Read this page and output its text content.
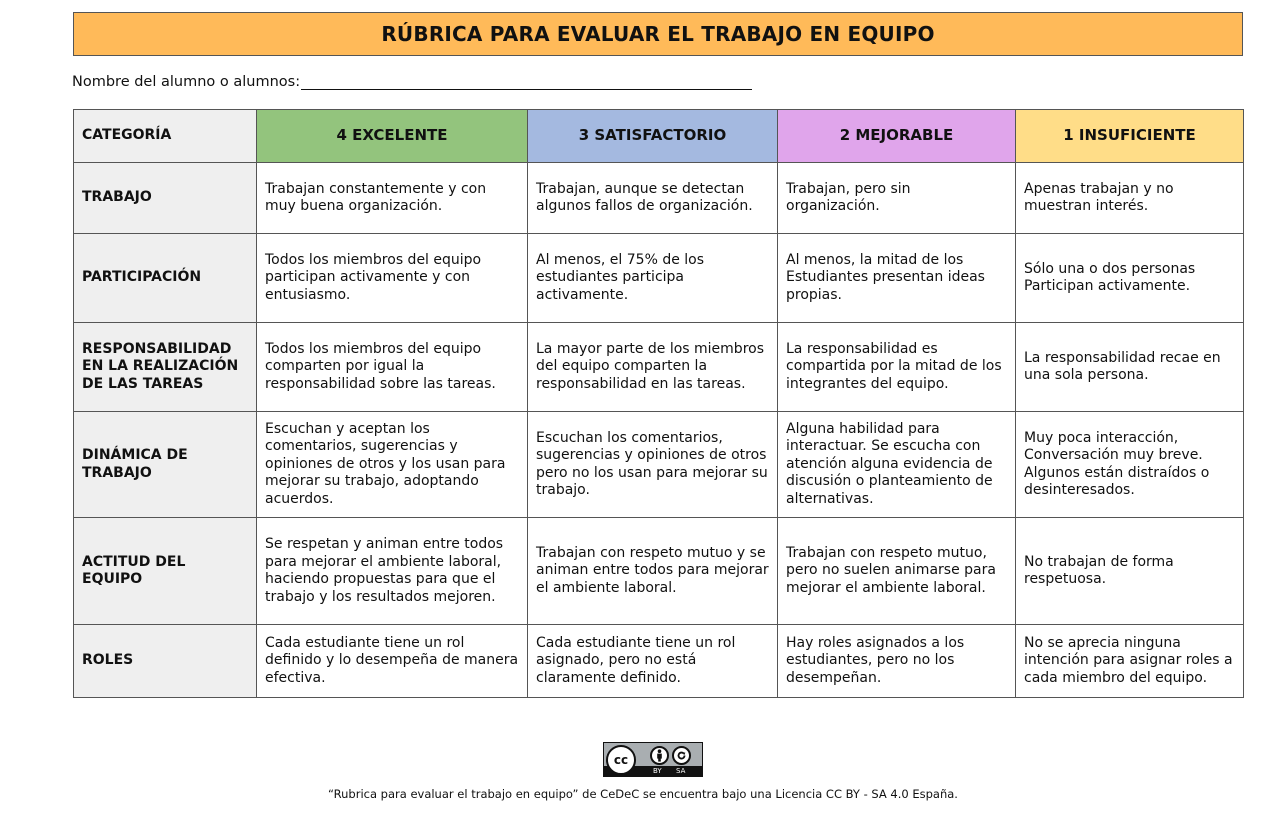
RÚBRICA PARA EVALUAR EL TRABAJO EN EQUIPO
Nombre del alumno o alumnos:
CATEGORÍA	4 EXCELENTE	3 SATISFACTORIO	2 MEJORABLE	1 INSUFICIENTE
TRABAJO	Trabajan constantemente y con muy buena organización.	Trabajan, aunque se detectan algunos fallos de organización.	Trabajan, pero sin organización.	Apenas trabajan y no muestran interés.
PARTICIPACIÓN	Todos los miembros del equipo participan activamente y con entusiasmo.	Al menos, el 75% de los estudiantes participa activamente.	Al menos, la mitad de los Estudiantes presentan ideas propias.	Sólo una o dos personas Participan activamente.
RESPONSABILIDAD EN LA REALIZACIÓN DE LAS TAREAS	Todos los miembros del equipo comparten por igual la responsabilidad sobre las tareas.	La mayor parte de los miembros del equipo comparten la responsabilidad en las tareas.	La responsabilidad es compartida por la mitad de los integrantes del equipo.	La responsabilidad recae en una sola persona.
DINÁMICA DE TRABAJO	Escuchan y aceptan los comentarios, sugerencias y opiniones de otros y los usan para mejorar su trabajo, adoptando acuerdos.	Escuchan los comentarios, sugerencias y opiniones de otros pero no los usan para mejorar su trabajo.	Alguna habilidad para interactuar. Se escucha con atención alguna evidencia de discusión o planteamiento de alternativas.	Muy poca interacción, Conversación muy breve. Algunos están distraídos o desinteresados.
ACTITUD DEL EQUIPO	Se respetan y animan entre todos para mejorar el ambiente laboral, haciendo propuestas para que el trabajo y los resultados mejoren.	Trabajan con respeto mutuo y se animan entre todos para mejorar el ambiente laboral.	Trabajan con respeto mutuo, pero no suelen animarse para mejorar el ambiente laboral.	No trabajan de forma respetuosa.
ROLES	Cada estudiante tiene un rol definido y lo desempeña de manera efectiva.	Cada estudiante tiene un rol asignado, pero no está claramente definido.	Hay roles asignados a los estudiantes, pero no los desempeñan.	No se aprecia ninguna intención para asignar roles a cada miembro del equipo.
cc
BY SA
“Rubrica para evaluar el trabajo en equipo” de CeDeC se encuentra bajo una Licencia CC BY - SA 4.0 España.
